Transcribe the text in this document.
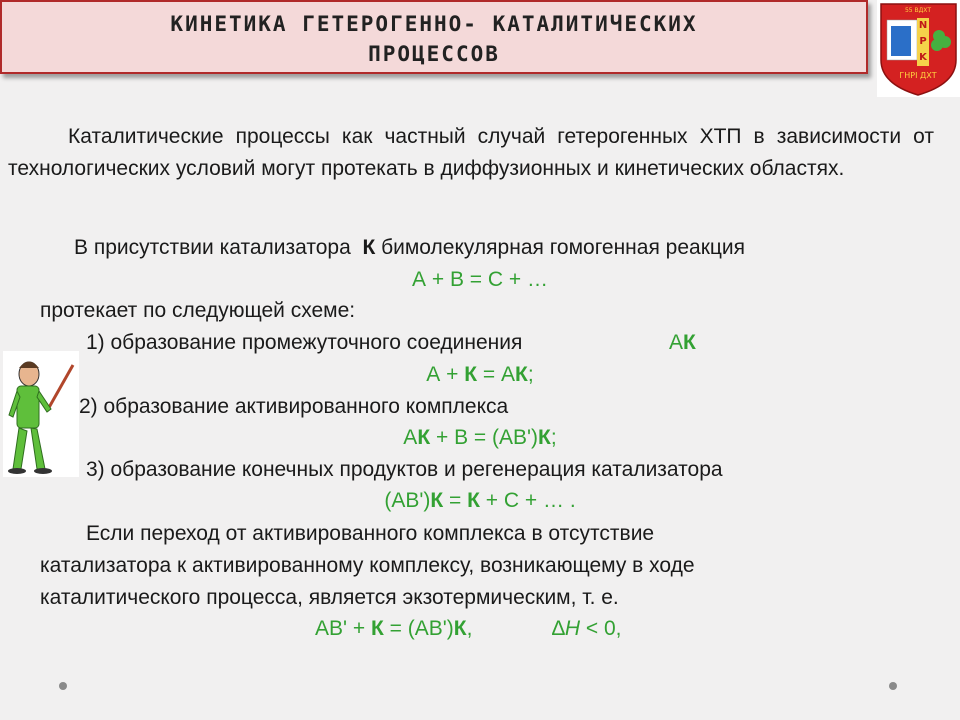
КИНЕТИКА ГЕТЕРОГЕННО- КАТАЛИТИЧЕСКИХ
ПРОЦЕССОВ
55 ВДХТ
N
P
K
ГНРІ ДХТ

Каталитические процессы как частный случай гетерогенных ХТП в зависимости от технологических условий могут протекать в диффузионных и кинетических областях.

В присутствии катализатора К бимолекулярная гомогенная реакция
А + В = С + …
протекает по следующей схеме:
1) образование промежуточного соединения	АК
А + К = АК;
2) образование активированного комплекса
АК + В = (АВ')К;
3) образование конечных продуктов и регенерация катализатора
(АВ')К = К + С + … .
Если переход от активированного комплекса в отсутствие
катализатора к активированному комплексу, возникающему в ходе
каталитического процесса, является экзотермическим, т. е.
АВ' + К = (АВ')К,	∆H < 0,
